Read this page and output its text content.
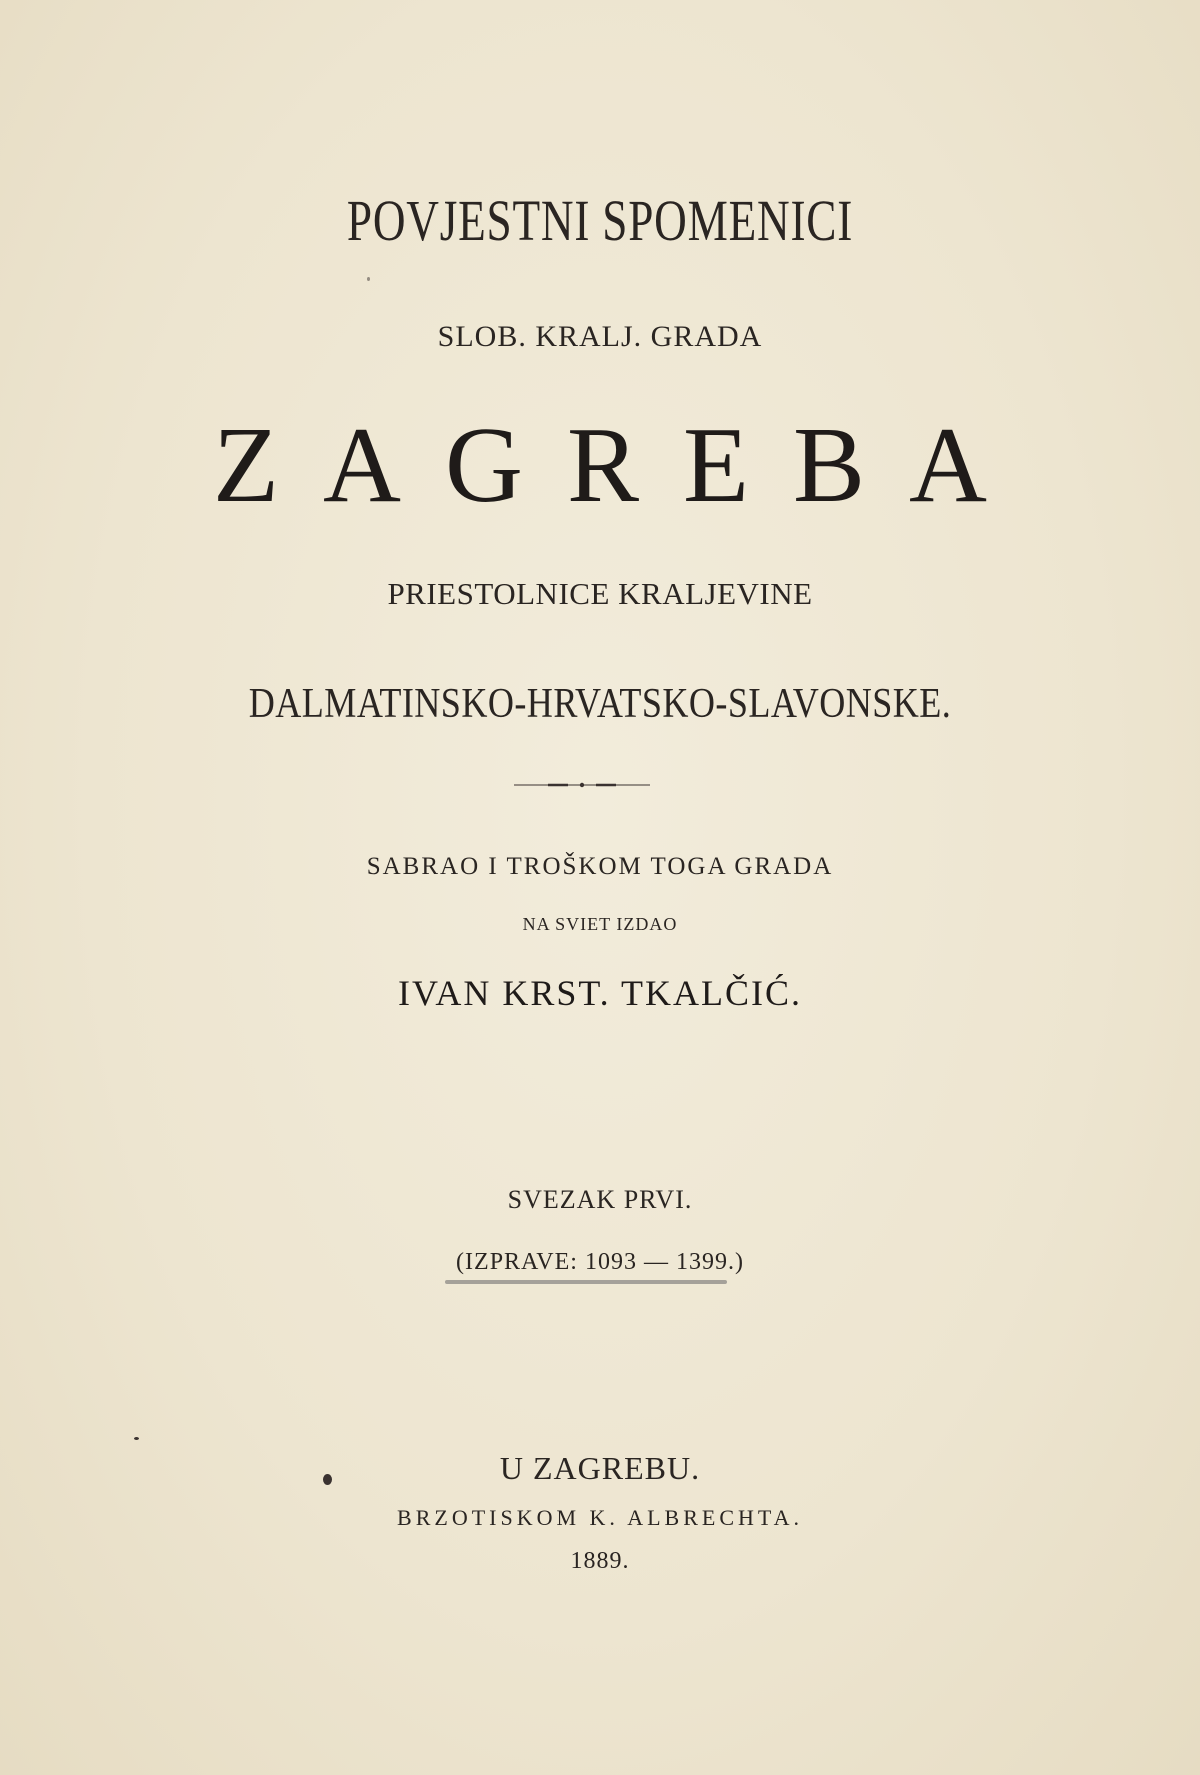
POVJESTNI SPOMENICI
SLOB. KRALJ. GRADA
ZAGREBA
PRIESTOLNICE KRALJEVINE
DALMATINSKO-HRVATSKO-SLAVONSKE.
SABRAO I TROŠKOM TOGA GRADA
NA SVIET IZDAO
IVAN KRST. TKALČIĆ.
SVEZAK PRVI.
(IZPRAVE: 1093 — 1399.)
U ZAGREBU.
BRZOTISKOM K. ALBRECHTA.
1889.
